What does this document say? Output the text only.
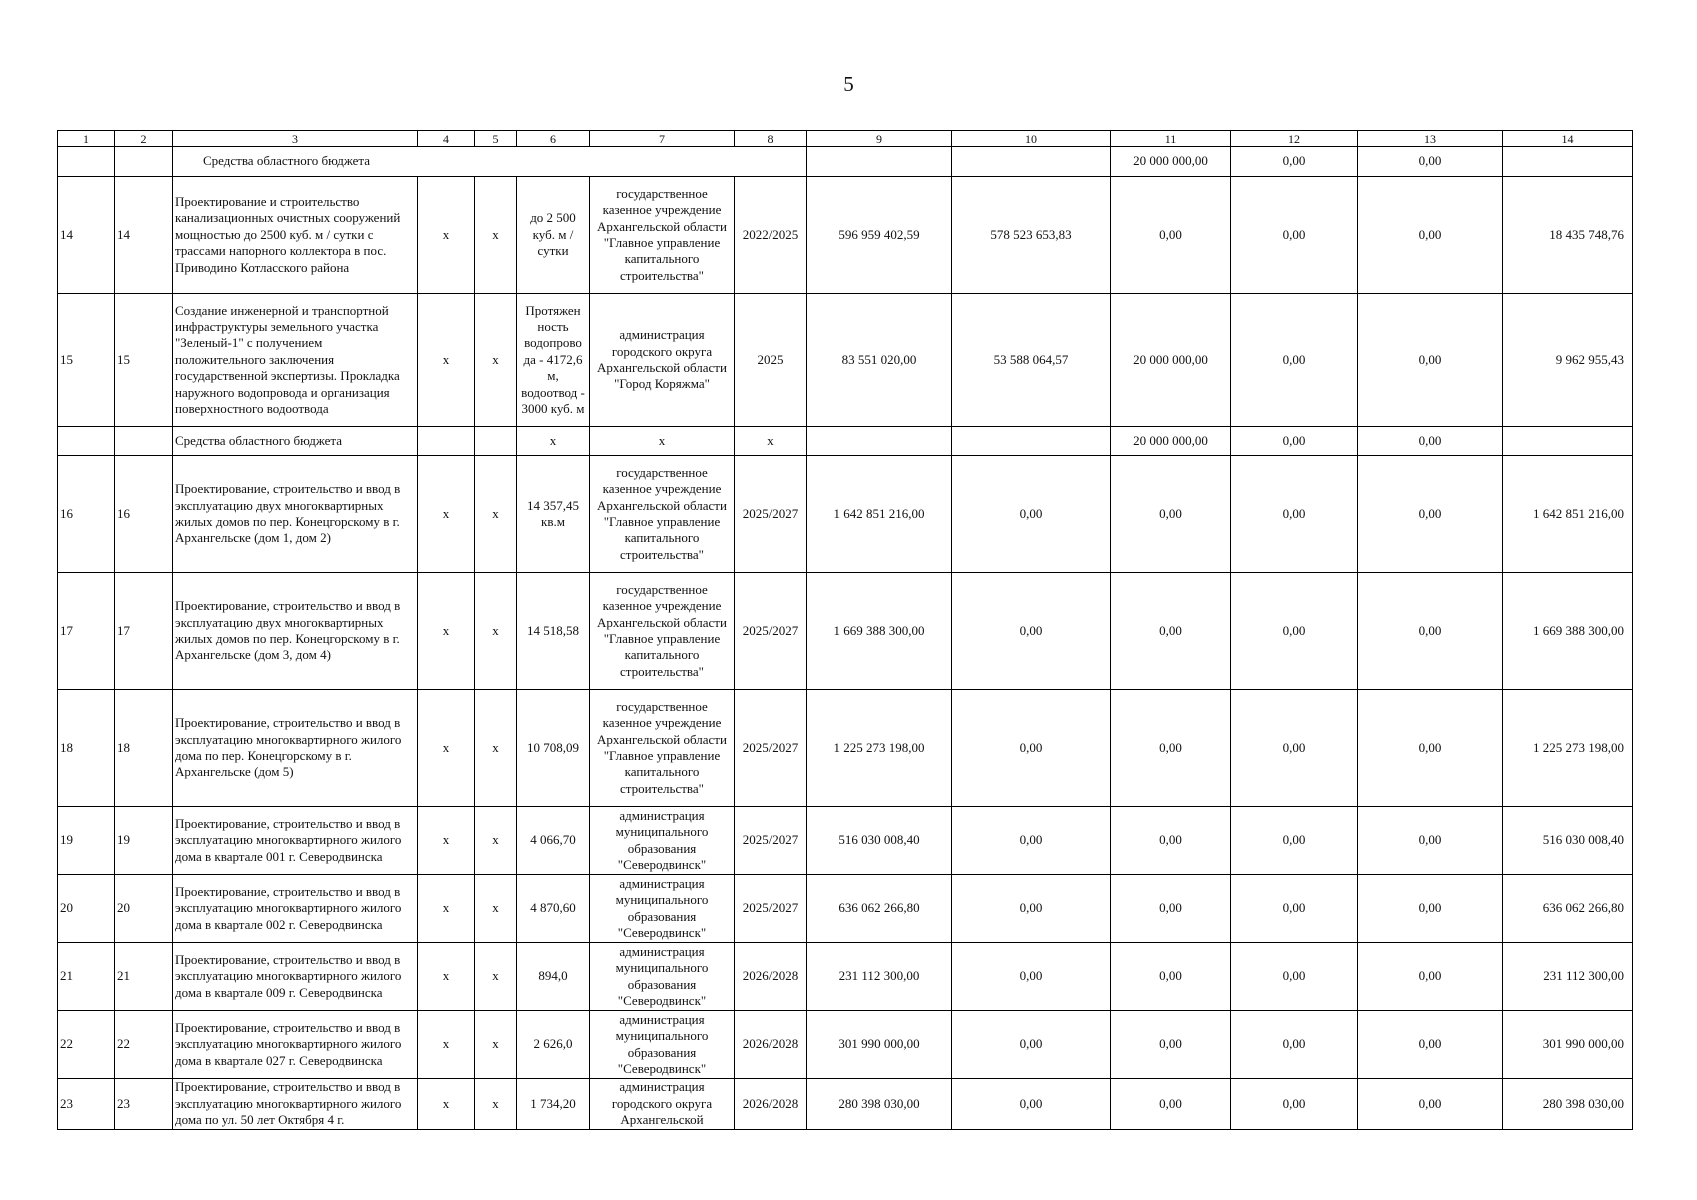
5
1	2	3	4	5	6	7	8	9	10	11	12	13	14
		Средства областного бюджета								20 000 000,00	0,00	0,00	
14	14	Проектирование и строительство канализационных очистных сооружений мощностью до 2500 куб. м / сутки с трассами напорного коллектора в пос. Приводино Котласского района	х	х	до 2 500 куб. м / сутки	государственное казенное учреждение Архангельской области "Главное управление капитального строительства"	2022/2025	596 959 402,59	578 523 653,83	0,00	0,00	0,00	18 435 748,76
15	15	Создание инженерной и транспортной инфраструктуры земельного участка "Зеленый-1" с получением положительного заключения государственной экспертизы. Прокладка наружного водопровода и организация поверхностного водоотвода	х	х	Протяжен ность водопрово да - 4172,6 м, водоотвод - 3000 куб. м	администрация городского округа Архангельской области "Город Коряжма"	2025	83 551 020,00	53 588 064,57	20 000 000,00	0,00	0,00	9 962 955,43
		Средства областного бюджета			х	х	х			20 000 000,00	0,00	0,00	
16	16	Проектирование, строительство и ввод в эксплуатацию двух многоквартирных жилых домов по пер. Конецгорскому в г. Архангельске (дом 1, дом 2)	х	х	14 357,45 кв.м	государственное казенное учреждение Архангельской области "Главное управление капитального строительства"	2025/2027	1 642 851 216,00	0,00	0,00	0,00	0,00	1 642 851 216,00
17	17	Проектирование, строительство и ввод в эксплуатацию двух многоквартирных жилых домов по пер. Конецгорскому в г. Архангельске (дом 3, дом 4)	х	х	14 518,58	государственное казенное учреждение Архангельской области "Главное управление капитального строительства"	2025/2027	1 669 388 300,00	0,00	0,00	0,00	0,00	1 669 388 300,00
18	18	Проектирование, строительство и ввод в эксплуатацию многоквартирного жилого дома по пер. Конецгорскому в г. Архангельске (дом 5)	х	х	10 708,09	государственное казенное учреждение Архангельской области "Главное управление капитального строительства"	2025/2027	1 225 273 198,00	0,00	0,00	0,00	0,00	1 225 273 198,00
19	19	Проектирование, строительство и ввод в эксплуатацию многоквартирного жилого дома в квартале 001 г. Северодвинска	х	х	4 066,70	администрация муниципального образования "Северодвинск"	2025/2027	516 030 008,40	0,00	0,00	0,00	0,00	516 030 008,40
20	20	Проектирование, строительство и ввод в эксплуатацию многоквартирного жилого дома в квартале 002 г. Северодвинска	х	х	4 870,60	администрация муниципального образования "Северодвинск"	2025/2027	636 062 266,80	0,00	0,00	0,00	0,00	636 062 266,80
21	21	Проектирование, строительство и ввод в эксплуатацию многоквартирного жилого дома в квартале 009 г. Северодвинска	х	х	894,0	администрация муниципального образования "Северодвинск"	2026/2028	231 112 300,00	0,00	0,00	0,00	0,00	231 112 300,00
22	22	Проектирование, строительство и ввод в эксплуатацию многоквартирного жилого дома в квартале 027 г. Северодвинска	х	х	2 626,0	администрация муниципального образования "Северодвинск"	2026/2028	301 990 000,00	0,00	0,00	0,00	0,00	301 990 000,00
23	23	Проектирование, строительство и ввод в эксплуатацию многоквартирного жилого дома по ул. 50 лет Октября 4 г.	х	х	1 734,20	администрация городского округа Архангельской	2026/2028	280 398 030,00	0,00	0,00	0,00	0,00	280 398 030,00
